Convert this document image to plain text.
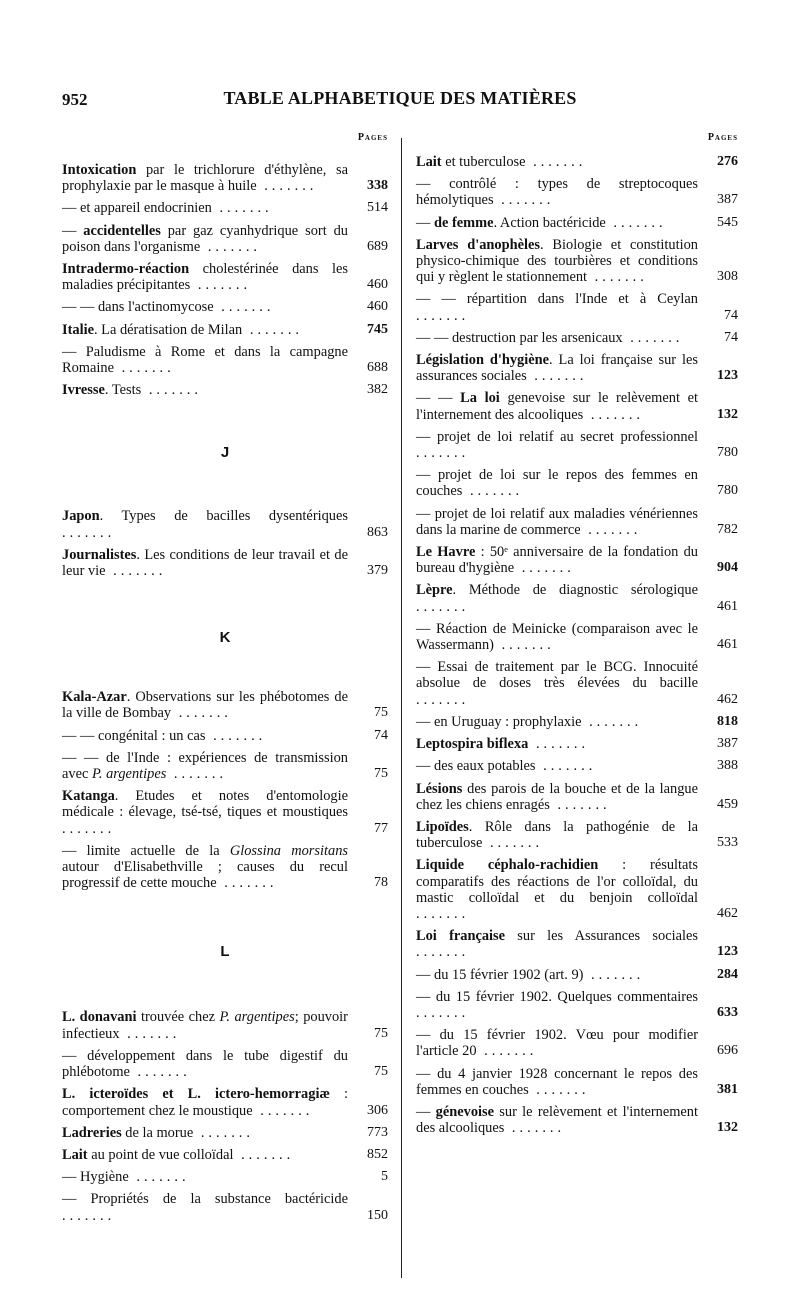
952	TABLE ALPHABETIQUE DES MATIÈRES
Pages
Intoxication par le trichlorure d'éthylène, sa prophylaxie par le masque à huile .......	338
— et appareil endocrinien .......	514
— accidentelles par gaz cyanhydrique sort du poison dans l'organisme .......	689
Intradermo-réaction cholestérinée dans les maladies précipitantes .......	460
— — dans l'actinomycose .......	460
Italie. La dératisation de Milan .......	745
— Paludisme à Rome et dans la campagne Romaine .......	688
Ivresse. Tests .......	382
J
Japon. Types de bacilles dysentériques .......	863
Journalistes. Les conditions de leur travail et de leur vie .......	379
K
Kala-Azar. Observations sur les phébotomes de la ville de Bombay .......	75
— — congénital : un cas .......	74
— — de l'Inde : expériences de transmission avec P. argentipes .......	75
Katanga. Etudes et notes d'entomologie médicale : élevage, tsé-tsé, tiques et moustiques .......	77
— limite actuelle de la Glossina morsitans autour d'Elisabethville ; causes du recul progressif de cette mouche .......	78
L
L. donavani trouvée chez P. argentipes; pouvoir infectieux .......	75
— développement dans le tube digestif du phlébotome .......	75
L. icteroïdes et L. ictero-hemorragiæ : comportement chez le moustique .......	306
Ladreries de la morue .......	773
Lait au point de vue colloïdal .......	852
— Hygiène .......	5
— Propriétés de la substance bactéricide .......	150
Pages
Lait et tuberculose .......	276
— contrôlé : types de streptocoques hémolytiques .......	387
— de femme. Action bactéricide .......	545
Larves d'anophèles. Biologie et constitution physico-chimique des tourbières et conditions qui y règlent le stationnement .......	308
— — répartition dans l'Inde et à Ceylan .......	74
— — destruction par les arsenicaux .......	74
Législation d'hygiène. La loi française sur les assurances sociales .......	123
— — La loi genevoise sur le relèvement et l'internement des alcooliques .......	132
— projet de loi relatif au secret professionnel .......	780
— projet de loi sur le repos des femmes en couches .......	780
— projet de loi relatif aux maladies vénériennes dans la marine de commerce .......	782
Le Havre : 50ᵉ anniversaire de la fondation du bureau d'hygiène .......	904
Lèpre. Méthode de diagnostic sérologique .......	461
— Réaction de Meinicke (comparaison avec le Wassermann) .......	461
— Essai de traitement par le BCG. Innocuité absolue de doses très élevées du bacille .......	462
— en Uruguay : prophylaxie .......	818
Leptospira biflexa .......	387
— des eaux potables .......	388
Lésions des parois de la bouche et de la langue chez les chiens enragés .......	459
Lipoïdes. Rôle dans la pathogénie de la tuberculose .......	533
Liquide céphalo-rachidien : résultats comparatifs des réactions de l'or colloïdal, du mastic colloïdal et du benjoin colloïdal .......	462
Loi française sur les Assurances sociales .......	123
— du 15 février 1902 (art. 9) .......	284
— du 15 février 1902. Quelques commentaires .......	633
— du 15 février 1902. Vœu pour modifier l'article 20 .......	696
— du 4 janvier 1928 concernant le repos des femmes en couches .......	381
— génevoise sur le relèvement et l'internement des alcooliques .......	132
